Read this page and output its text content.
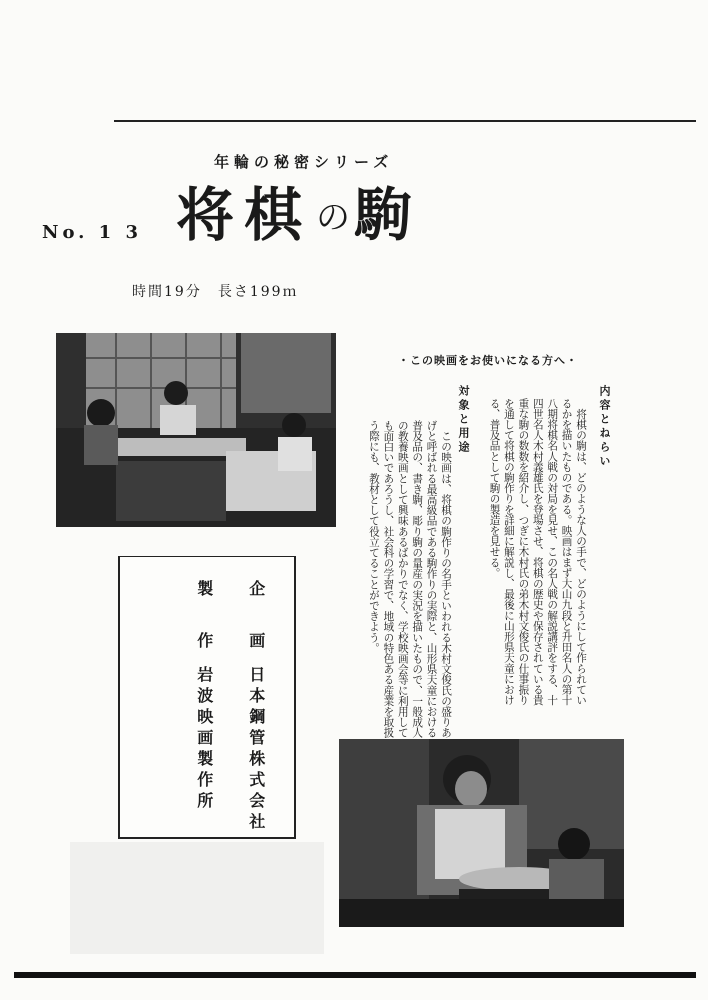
年輪の秘密シリーズ
No. 1 3 将棋 の駒
時間19分　長さ199ｍ
・この映画をお使いになる方へ・
内容とねらい
　将棋の駒は、どのような人の手で、どのようにして作られているかを描いたものである。映画はまず大山九段と升田名人の第十八期将棋名人戦の対局を見せ、この名人戦の解説講評をする、十四世名人木村義雄氏を登場させ、将棋の歴史や保存されている貴重な駒の数数を紹介し、つぎに木村氏の弟木村文俊氏の仕事振りを通して将棋の駒作りを詳細に解説し、最後に山形県天童における、普及品として駒の製造を見せる。
対象と用途
　この映画は、将棋の駒作りの名手といわれる木村文俊氏の盛りあげと呼ばれる最高級品である駒作りの実際と、山形県天童における普及品の、書き駒、彫り駒の量産の実況を描いたもので、一般成人の教養映画として興味あるばかりでなく、学校映画会等に利用しても面白いであろうし、社会科の学習で、地域の特色ある産業を取扱う際にも、教材として役立てることができよう。
企画
日本鋼管株式会社
製作
岩波映画製作所
